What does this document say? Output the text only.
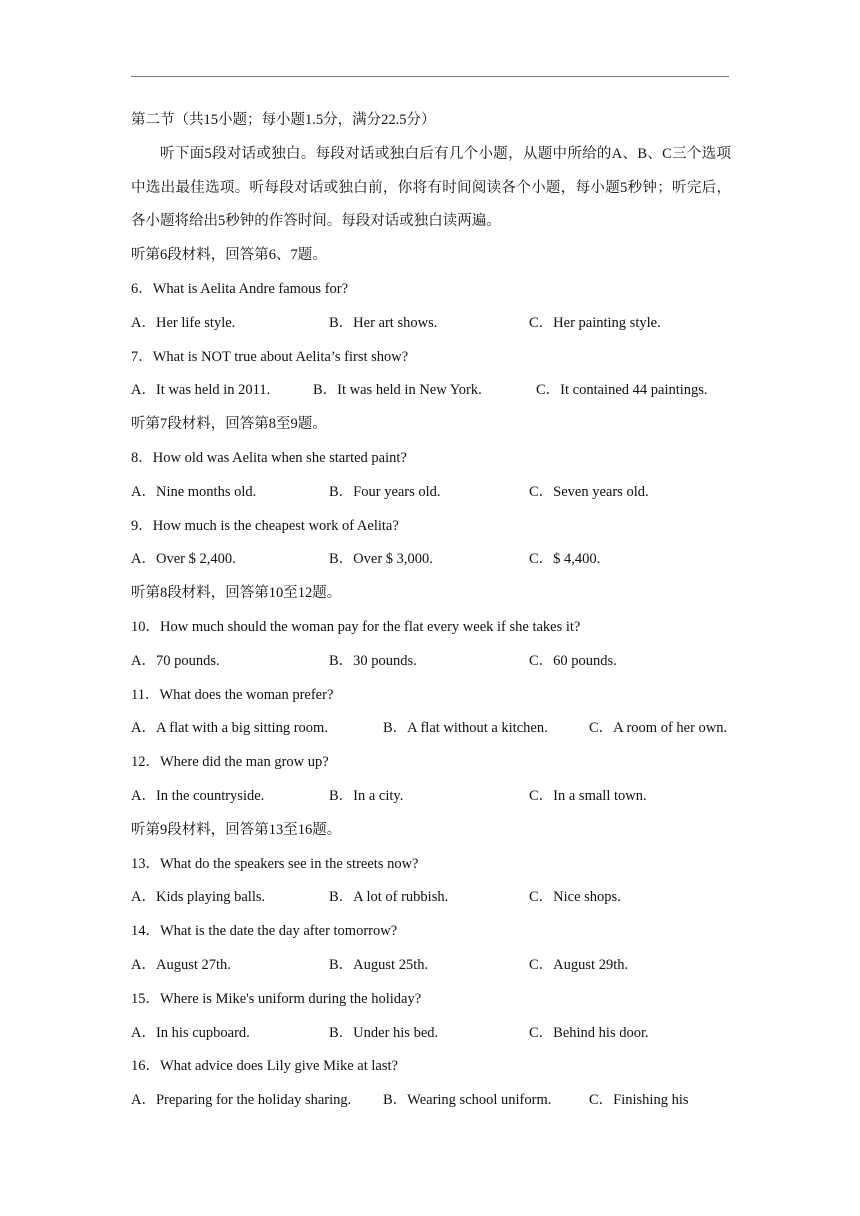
第二节（共15小题；每小题1.5分，满分22.5分）
听下面5段对话或独白。每段对话或独白后有几个小题，从题中所给的A、B、C三个选项中选出最佳选项。听每段对话或独白前，你将有时间阅读各个小题，每小题5秒钟；听完后，各小题将给出5秒钟的作答时间。每段对话或独白读两遍。
听第6段材料，回答第6、7题。
6．What is Aelita Andre famous for?
A．Her life style.	B．Her art shows.	C．Her painting style.
7．What is NOT true about Aelita’s first show?
A．It was held in 2011.	B．It was held in New York.	C．It contained 44 paintings.
听第7段材料，回答第8至9题。
8．How old was Aelita when she started paint?
A．Nine months old.	B．Four years old.	C．Seven years old.
9．How much is the cheapest work of Aelita?
A．Over $ 2,400.	B．Over $ 3,000.	C．$ 4,400.
听第8段材料，回答第10至12题。
10．How much should the woman pay for the flat every week if she takes it?
A．70 pounds.	B．30 pounds.	C．60 pounds.
11．What does the woman prefer?
A．A flat with a big sitting room.	B．A flat without a kitchen.	C．A room of her own.
12．Where did the man grow up?
A．In the countryside.	B．In a city.	C．In a small town.
听第9段材料，回答第13至16题。
13．What do the speakers see in the streets now?
A．Kids playing balls.	B．A lot of rubbish.	C．Nice shops.
14．What is the date the day after tomorrow?
A．August 27th.	B．August 25th.	C．August 29th.
15．Where is Mike's uniform during the holiday?
A．In his cupboard.	B．Under his bed.	C．Behind his door.
16．What advice does Lily give Mike at last?
A．Preparing for the holiday sharing. B．Wearing school uniform.	C．Finishing his
